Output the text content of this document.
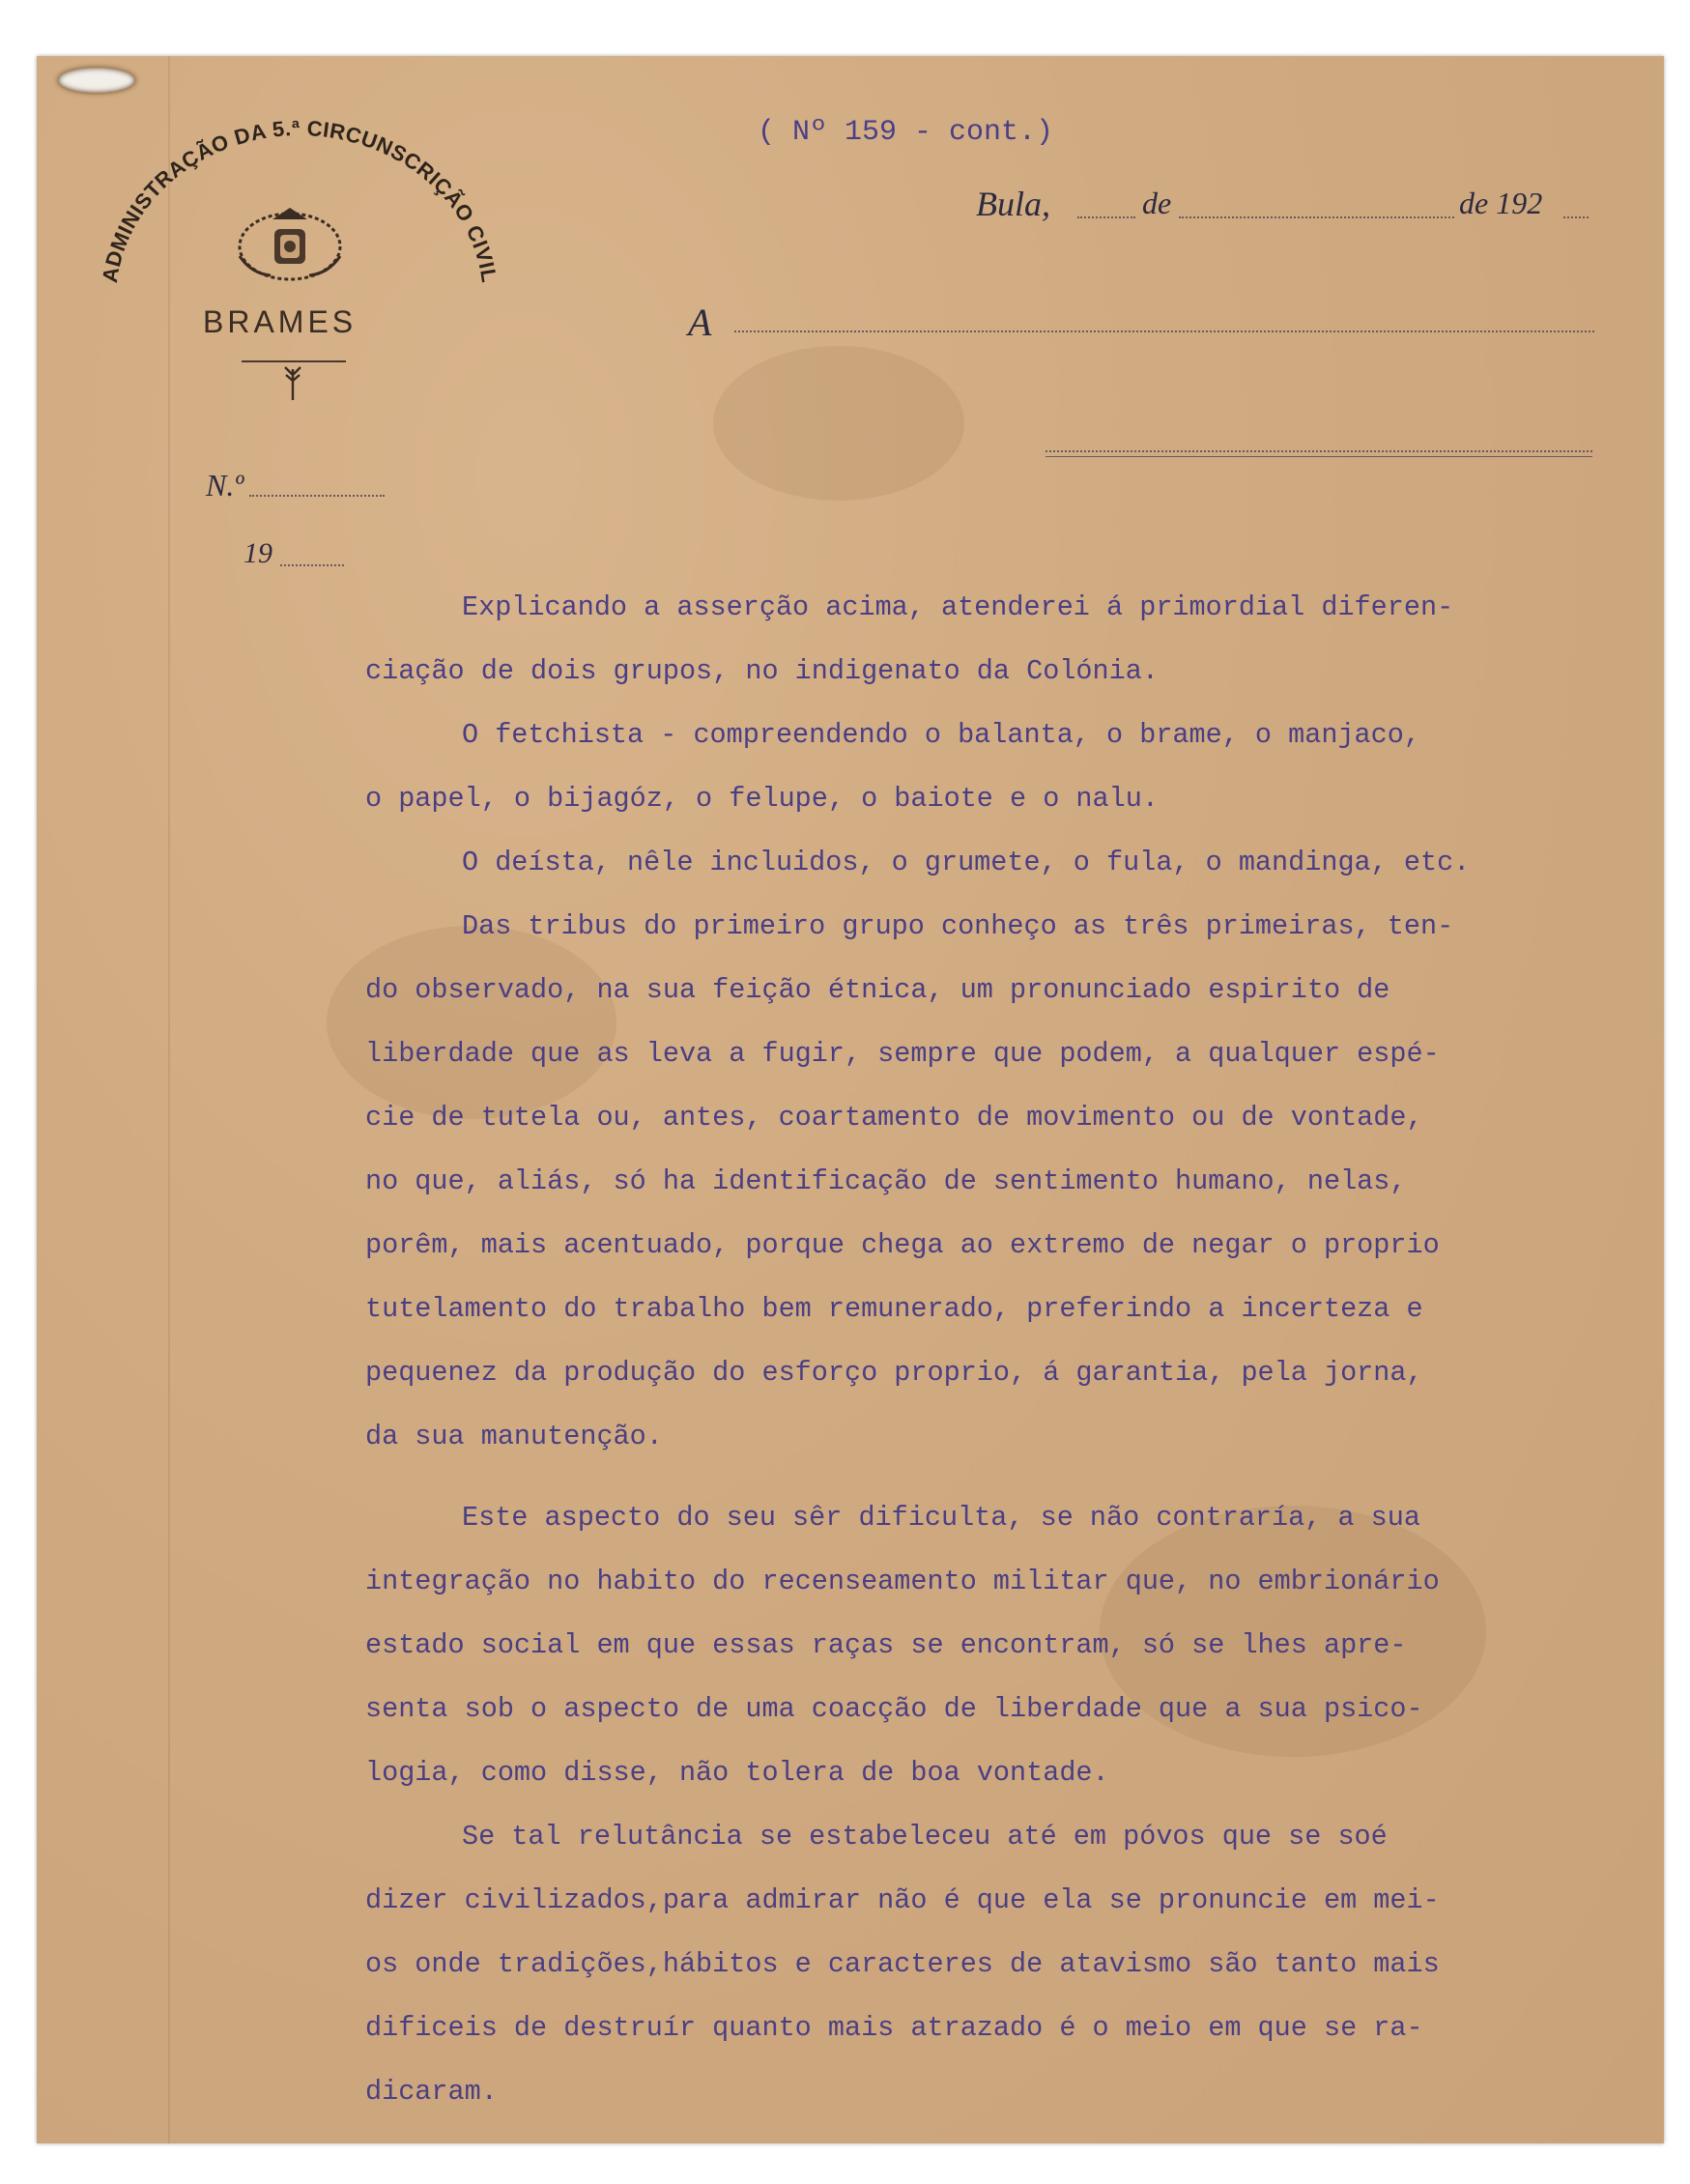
ADMINISTRAÇÃO DA 5.ª CIRCUNSCRIÇÃO CIVIL
BRAMES
N.º
19
( Nº 159 - cont.)
Bula,	de	de 192
A
Explicando a asserção acima, atenderei á primordial diferen-
ciação de dois grupos, no indigenato da Colónia.
O fetchista - compreendendo o balanta, o brame, o manjaco,
o papel, o bijagóz, o felupe, o baiote e o nalu.
O deísta, nêle incluidos, o grumete, o fula, o mandinga, etc.
Das tribus do primeiro grupo conheço as três primeiras, ten-
do observado, na sua feição étnica, um pronunciado espirito de
liberdade que as leva a fugir, sempre que podem, a qualquer espé-
cie de tutela ou, antes, coartamento de movimento ou de vontade,
no que, aliás, só ha identificação de sentimento humano, nelas,
porêm, mais acentuado, porque chega ao extremo de negar o proprio
tutelamento do trabalho bem remunerado, preferindo a incerteza e
pequenez da produção do esforço proprio, á garantia, pela jorna,
da sua manutenção.
Este aspecto do seu sêr dificulta, se não contraría, a sua
integração no habito do recenseamento militar que, no embrionário
estado social em que essas raças se encontram, só se lhes apre-
senta sob o aspecto de uma coacção de liberdade que a sua psico-
logia, como disse, não tolera de boa vontade.
Se tal relutância se estabeleceu até em póvos que se soé
dizer civilizados,para admirar não é que ela se pronuncie em mei-
os onde tradições,hábitos e caracteres de atavismo são tanto mais
dificeis de destruír quanto mais atrazado é o meio em que se ra-
dicaram.
